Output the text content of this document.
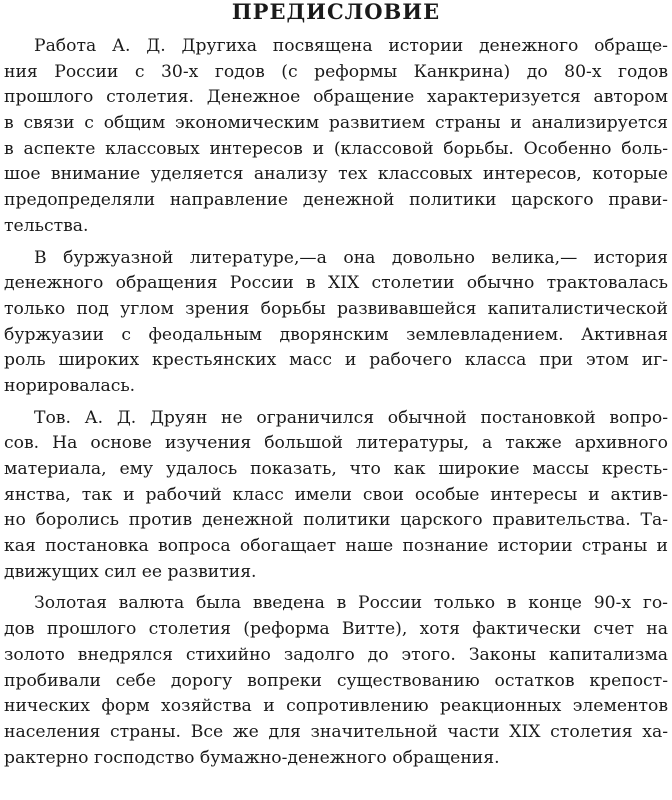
ПРЕДИСЛОВИЕ
Работа А. Д. Другиха посвящена истории денежного обраще-
ния России с 30-х годов (с реформы Канкрина) до 80-х годов
прошлого столетия. Денежное обращение характеризуется автором
в связи с общим экономическим развитием страны и анализируется
в аспекте классовых интересов и (классовой борьбы. Особенно боль-
шое внимание уделяется анализу тех классовых интересов, которые
предопределяли направление денежной политики царского прави-
тельства.
В буржуазной литературе,—а она довольно велика,— история
денежного обращения России в XIX столетии обычно трактовалась
только под углом зрения борьбы развивавшейся капиталистической
буржуазии с феодальным дворянским землевладением. Активная
роль широких крестьянских масс и рабочего класса при этом иг-
норировалась.
Тов. А. Д. Друян не ограничился обычной постановкой вопро-
сов. На основе изучения большой литературы, а также архивного
материала, ему удалось показать, что как широкие массы кресть-
янства, так и рабочий класс имели свои особые интересы и актив-
но боролись против денежной политики царского правительства. Та-
кая постановка вопроса обогащает наше познание истории страны и
движущих сил ее развития.
Золотая валюта была введена в России только в конце 90-х го-
дов прошлого столетия (реформа Витте), хотя фактически счет на
золото внедрялся стихийно задолго до этого. Законы капитализма
пробивали себе дорогу вопреки существованию остатков крепост-
нических форм хозяйства и сопротивлению реакционных элементов
населения страны. Все же для значительной части XIX столетия ха-
рактерно господство бумажно-денежного обращения.
